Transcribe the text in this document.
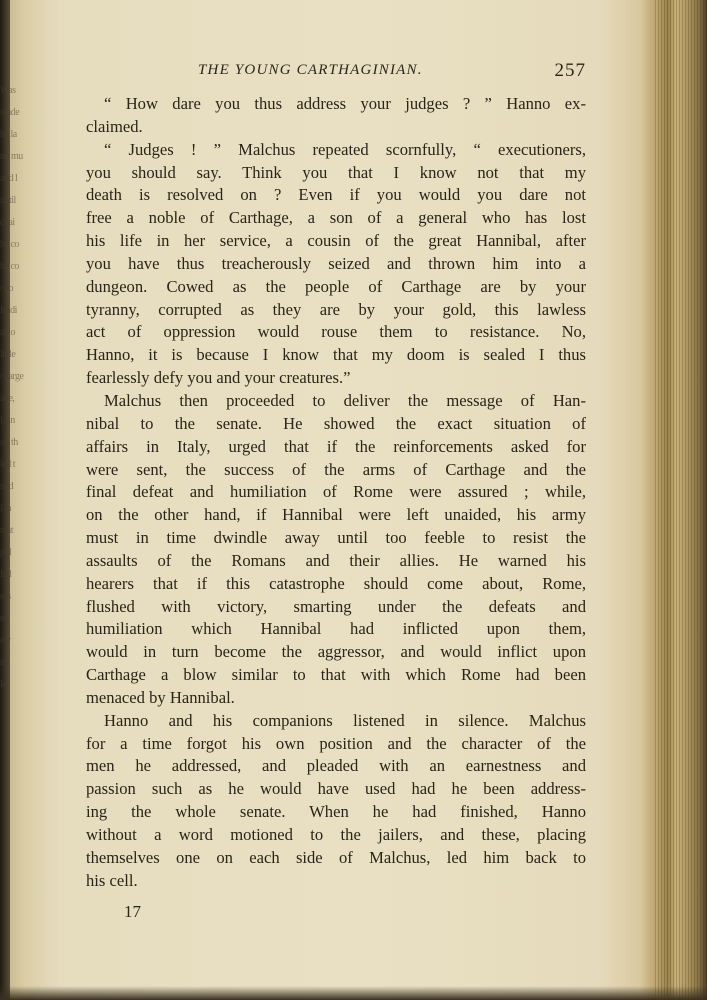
Was
reade
he la
no mu
and l
until
chai
he co
he co
cho
leadi
at lo
little
charge
ade,
l, an
on th
led t
ned
l in
reat
pul
lud
ess
ed
ror
ny
le
THE YOUNG CARTHAGINIAN.	257
“ How dare you thus address your judges ? ” Hanno ex-
claimed.
“ Judges ! ” Malchus repeated scornfully, “ executioners,
you should say. Think you that I know not that my
death is resolved on ? Even if you would you dare not
free a noble of Carthage, a son of a general who has lost
his life in her service, a cousin of the great Hannibal, after
you have thus treacherously seized and thrown him into a
dungeon. Cowed as the people of Carthage are by your
tyranny, corrupted as they are by your gold, this lawless
act of oppression would rouse them to resistance. No,
Hanno, it is because I know that my doom is sealed I thus
fearlessly defy you and your creatures.”
Malchus then proceeded to deliver the message of Han-
nibal to the senate. He showed the exact situation of
affairs in Italy, urged that if the reinforcements asked for
were sent, the success of the arms of Carthage and the
final defeat and humiliation of Rome were assured ; while,
on the other hand, if Hannibal were left unaided, his army
must in time dwindle away until too feeble to resist the
assaults of the Romans and their allies. He warned his
hearers that if this catastrophe should come about, Rome,
flushed with victory, smarting under the defeats and
humiliation which Hannibal had inflicted upon them,
would in turn become the aggressor, and would inflict upon
Carthage a blow similar to that with which Rome had been
menaced by Hannibal.
Hanno and his companions listened in silence. Malchus
for a time forgot his own position and the character of the
men he addressed, and pleaded with an earnestness and
passion such as he would have used had he been address-
ing the whole senate. When he had finished, Hanno
without a word motioned to the jailers, and these, placing
themselves one on each side of Malchus, led him back to
his cell.
17
